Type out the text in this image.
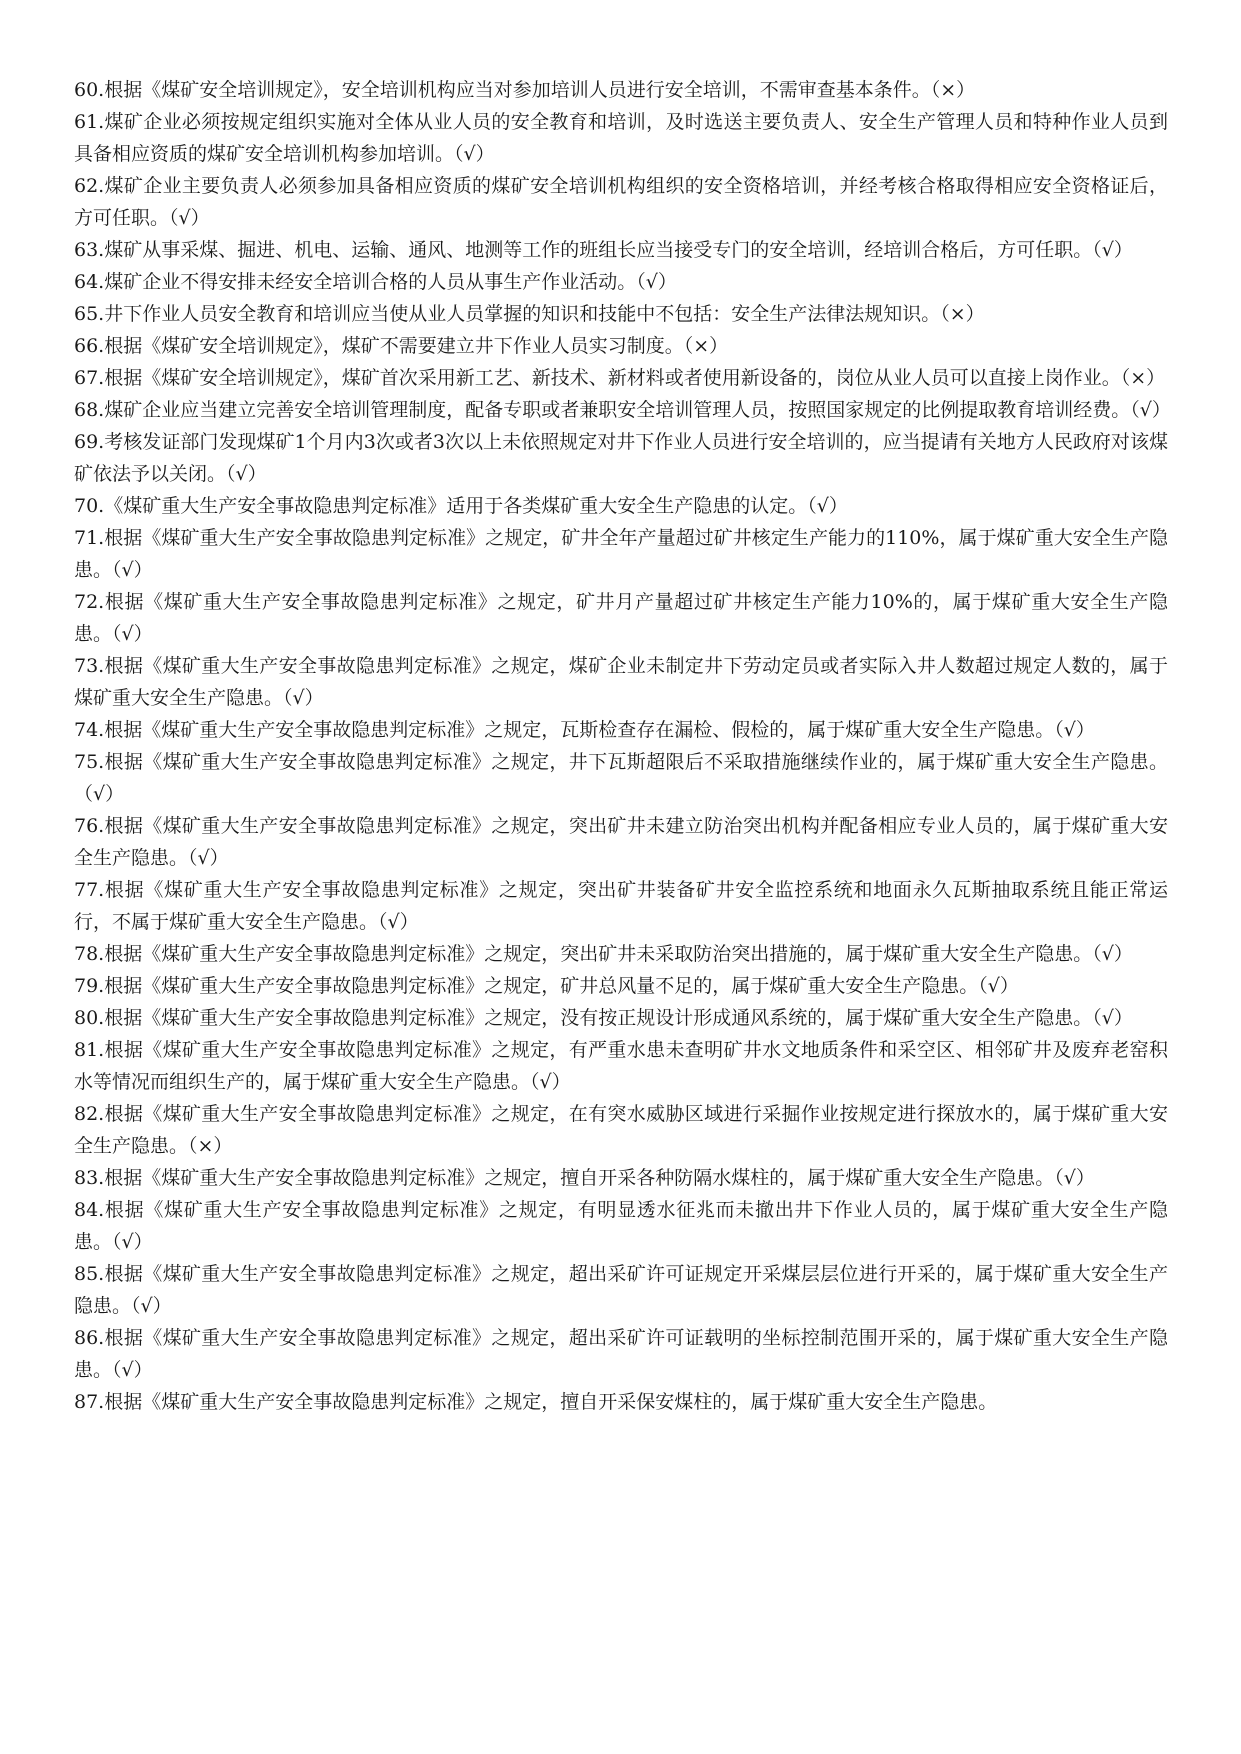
60.根据《煤矿安全培训规定》，安全培训机构应当对参加培训人员进行安全培训，不需审查基本条件。（×）

61.煤矿企业必须按规定组织实施对全体从业人员的安全教育和培训，及时选送主要负责人、安全生产管理人员和特种作业人员到具备相应资质的煤矿安全培训机构参加培训。（√）

62.煤矿企业主要负责人必须参加具备相应资质的煤矿安全培训机构组织的安全资格培训，并经考核合格取得相应安全资格证后，方可任职。（√）

63.煤矿从事采煤、掘进、机电、运输、通风、地测等工作的班组长应当接受专门的安全培训，经培训合格后，方可任职。（√）

64.煤矿企业不得安排未经安全培训合格的人员从事生产作业活动。（√）

65.井下作业人员安全教育和培训应当使从业人员掌握的知识和技能中不包括：安全生产法律法规知识。（×）

66.根据《煤矿安全培训规定》，煤矿不需要建立井下作业人员实习制度。（×）

67.根据《煤矿安全培训规定》，煤矿首次采用新工艺、新技术、新材料或者使用新设备的，岗位从业人员可以直接上岗作业。（×）

68.煤矿企业应当建立完善安全培训管理制度，配备专职或者兼职安全培训管理人员，按照国家规定的比例提取教育培训经费。（√）

69.考核发证部门发现煤矿1个月内3次或者3次以上未依照规定对井下作业人员进行安全培训的，应当提请有关地方人民政府对该煤矿依法予以关闭。（√）

70.《煤矿重大生产安全事故隐患判定标准》适用于各类煤矿重大安全生产隐患的认定。（√）

71.根据《煤矿重大生产安全事故隐患判定标准》之规定，矿井全年产量超过矿井核定生产能力的110%，属于煤矿重大安全生产隐患。（√）

72.根据《煤矿重大生产安全事故隐患判定标准》之规定，矿井月产量超过矿井核定生产能力10%的，属于煤矿重大安全生产隐患。（√）

73.根据《煤矿重大生产安全事故隐患判定标准》之规定，煤矿企业未制定井下劳动定员或者实际入井人数超过规定人数的，属于煤矿重大安全生产隐患。（√）

74.根据《煤矿重大生产安全事故隐患判定标准》之规定，瓦斯检查存在漏检、假检的，属于煤矿重大安全生产隐患。（√）

75.根据《煤矿重大生产安全事故隐患判定标准》之规定，井下瓦斯超限后不采取措施继续作业的，属于煤矿重大安全生产隐患。（√）

76.根据《煤矿重大生产安全事故隐患判定标准》之规定，突出矿井未建立防治突出机构并配备相应专业人员的，属于煤矿重大安全生产隐患。（√）

77.根据《煤矿重大生产安全事故隐患判定标准》之规定，突出矿井装备矿井安全监控系统和地面永久瓦斯抽取系统且能正常运行，不属于煤矿重大安全生产隐患。（√）

78.根据《煤矿重大生产安全事故隐患判定标准》之规定，突出矿井未采取防治突出措施的，属于煤矿重大安全生产隐患。（√）

79.根据《煤矿重大生产安全事故隐患判定标准》之规定，矿井总风量不足的，属于煤矿重大安全生产隐患。（√）

80.根据《煤矿重大生产安全事故隐患判定标准》之规定，没有按正规设计形成通风系统的，属于煤矿重大安全生产隐患。（√）

81.根据《煤矿重大生产安全事故隐患判定标准》之规定，有严重水患未查明矿井水文地质条件和采空区、相邻矿井及废弃老窑积水等情况而组织生产的，属于煤矿重大安全生产隐患。（√）

82.根据《煤矿重大生产安全事故隐患判定标准》之规定，在有突水威胁区域进行采掘作业按规定进行探放水的，属于煤矿重大安全生产隐患。（×）

83.根据《煤矿重大生产安全事故隐患判定标准》之规定，擅自开采各种防隔水煤柱的，属于煤矿重大安全生产隐患。（√）

84.根据《煤矿重大生产安全事故隐患判定标准》之规定，有明显透水征兆而未撤出井下作业人员的，属于煤矿重大安全生产隐患。（√）

85.根据《煤矿重大生产安全事故隐患判定标准》之规定，超出采矿许可证规定开采煤层层位进行开采的，属于煤矿重大安全生产隐患。（√）

86.根据《煤矿重大生产安全事故隐患判定标准》之规定，超出采矿许可证载明的坐标控制范围开采的，属于煤矿重大安全生产隐患。（√）

87.根据《煤矿重大生产安全事故隐患判定标准》之规定，擅自开采保安煤柱的，属于煤矿重大安全生产隐患。
